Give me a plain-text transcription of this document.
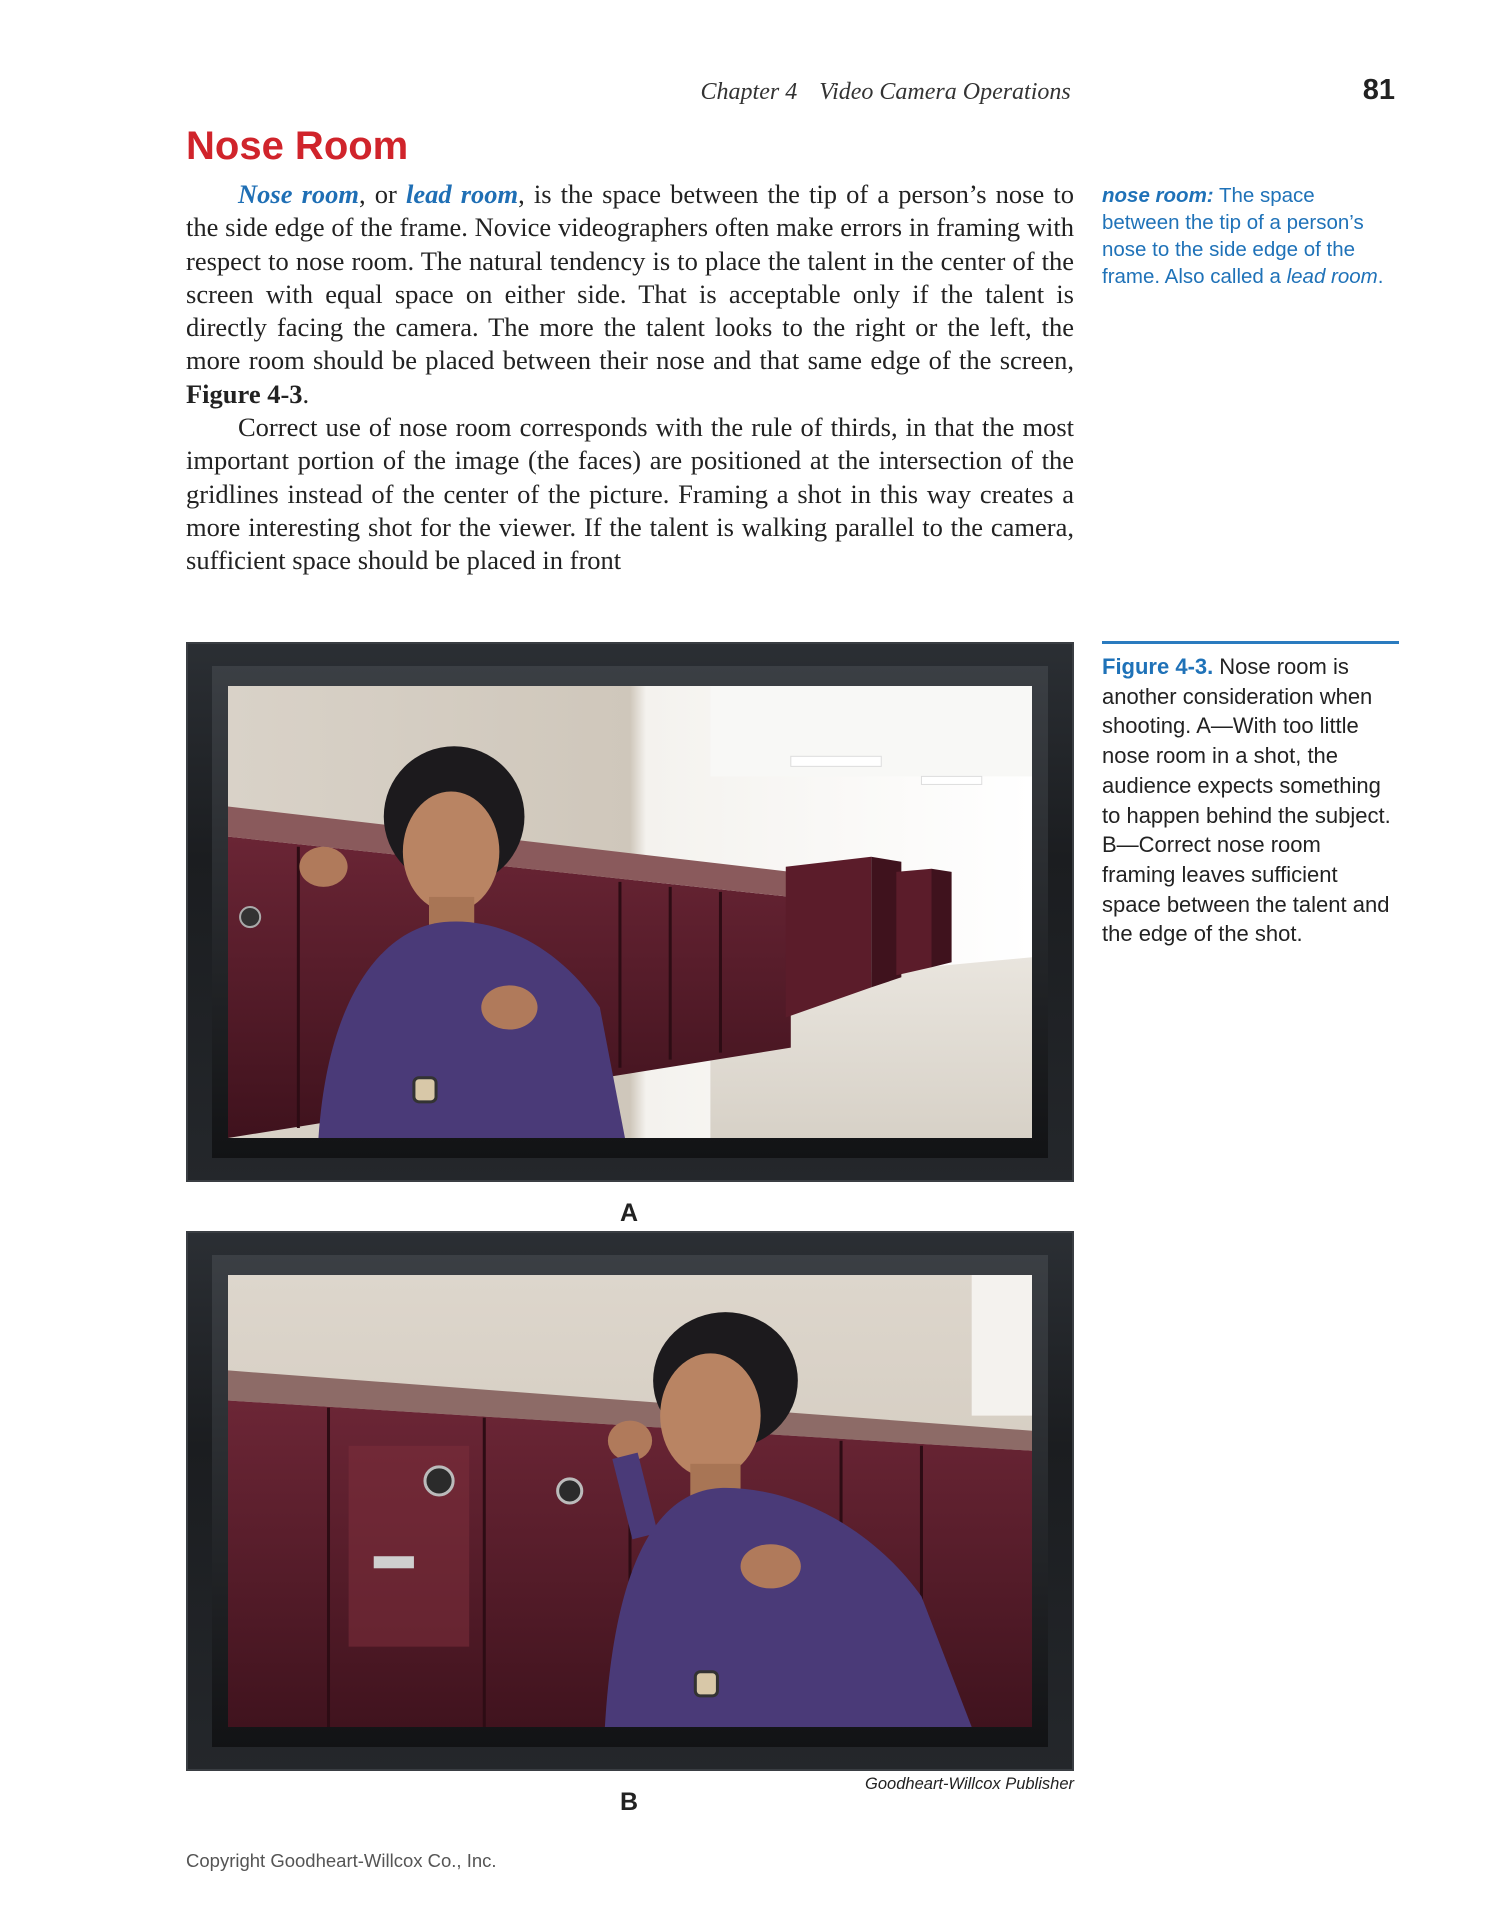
Chapter 4 Video Camera Operations	81
Nose Room

Nose room, or lead room, is the space between the tip of a person’s nose to the side edge of the frame. Novice videographers often make errors in framing with respect to nose room. The natural tendency is to place the talent in the center of the screen with equal space on either side. That is acceptable only if the talent is directly facing the camera. The more the talent looks to the right or the left, the more room should be placed between their nose and that same edge of the screen, Figure 4-3.

Correct use of nose room corresponds with the rule of thirds, in that the most important portion of the image (the faces) are positioned at the intersection of the gridlines instead of the center of the picture. Framing a shot in this way creates a more interesting shot for the viewer. If the talent is walking parallel to the camera, sufficient space should be placed in front

nose room: The space between the tip of a person’s nose to the side edge of the frame. Also called a lead room.
Figure 4-3. Nose room is another consideration when shooting. A—With too little nose room in a shot, the audience expects something to happen behind the subject. B—Correct nose room framing leaves sufficient space between the talent and the edge of the shot.
A
B
Goodheart-Willcox Publisher
Copyright Goodheart-Willcox Co., Inc.
